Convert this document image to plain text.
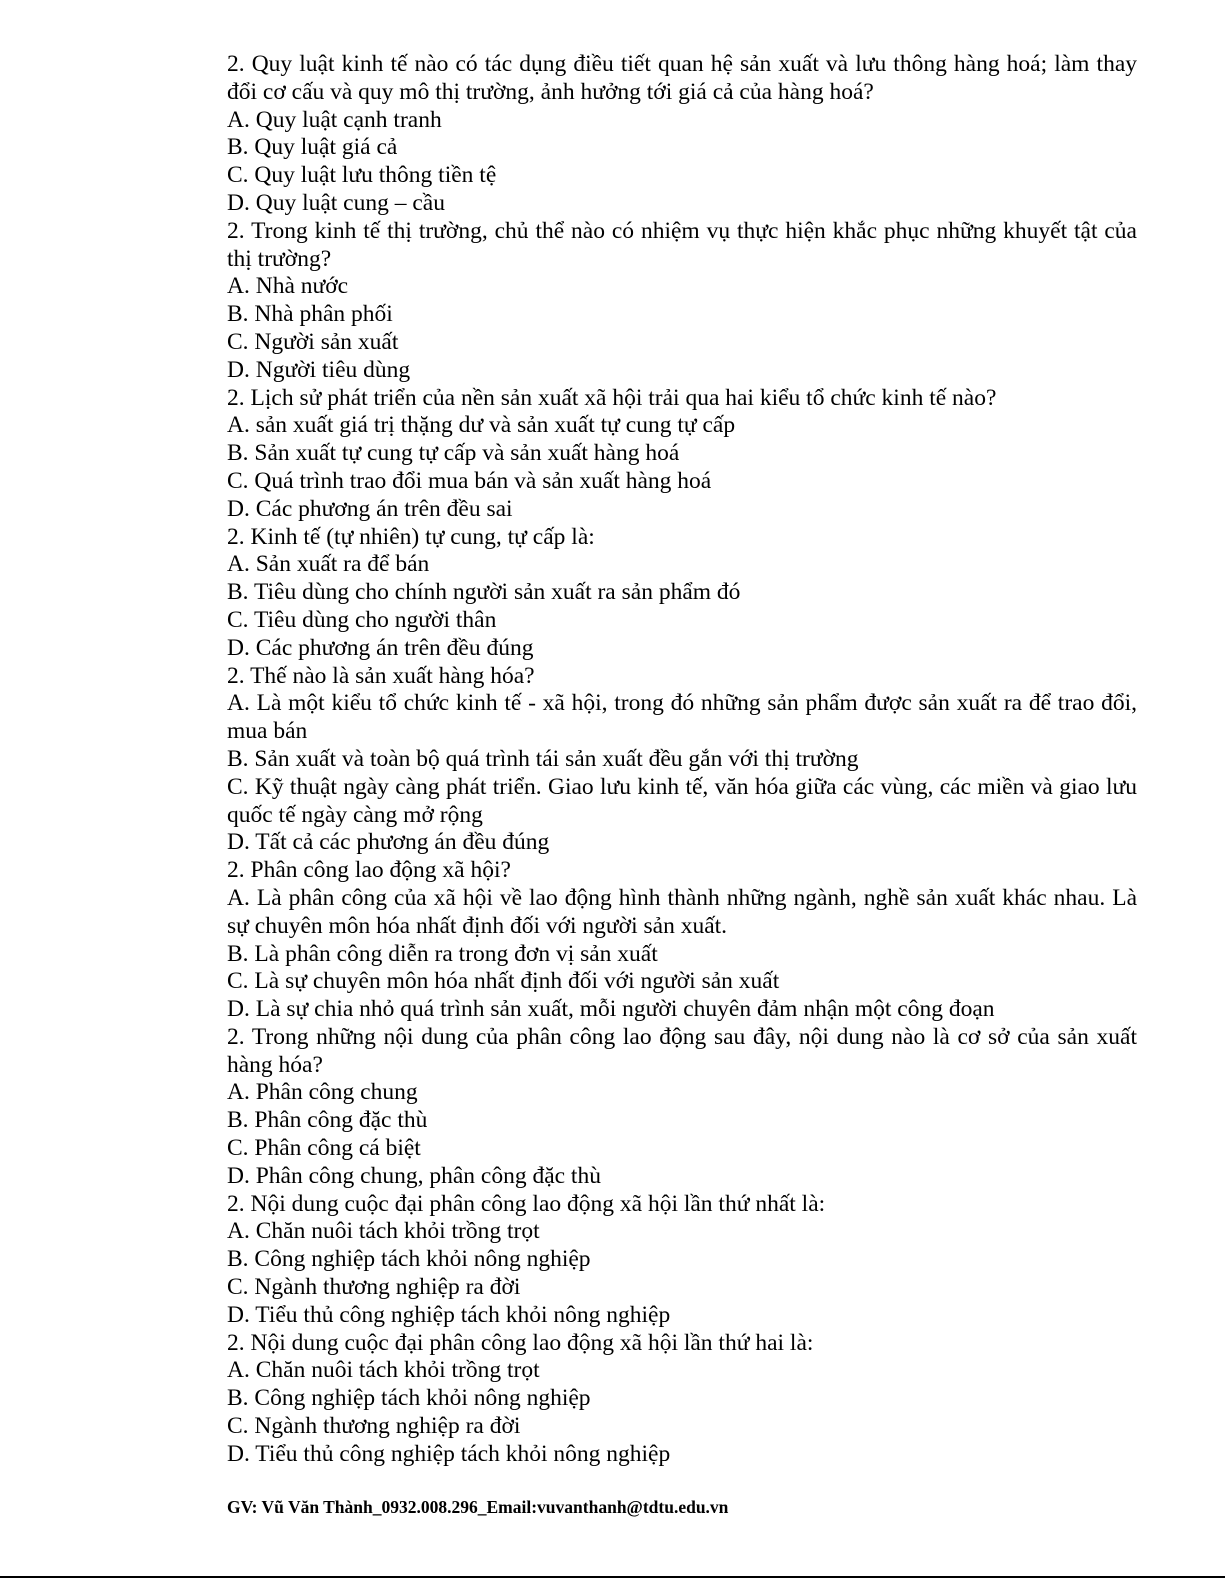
2. Quy luật kinh tế nào có tác dụng điều tiết quan hệ sản xuất và lưu thông hàng hoá; làm thay đổi cơ cấu và quy mô thị trường, ảnh hưởng tới giá cả của hàng hoá?
A. Quy luật cạnh tranh
B. Quy luật giá cả
C. Quy luật lưu thông tiền tệ
D. Quy luật cung – cầu
2. Trong kinh tế thị trường, chủ thể nào có nhiệm vụ thực hiện khắc phục những khuyết tật của thị trường?
A. Nhà nước
B. Nhà phân phối
C. Người sản xuất
D. Người tiêu dùng
2. Lịch sử phát triển của nền sản xuất xã hội trải qua hai kiểu tổ chức kinh tế nào?
A. sản xuất giá trị thặng dư và sản xuất tự cung tự cấp
B. Sản xuất tự cung tự cấp và sản xuất hàng hoá
C. Quá trình trao đổi mua bán và sản xuất hàng hoá
D. Các phương án trên đều sai
2. Kinh tế (tự nhiên) tự cung, tự cấp là:
A. Sản xuất ra để bán
B. Tiêu dùng cho chính người sản xuất ra sản phẩm đó
C. Tiêu dùng cho người thân
D. Các phương án trên đều đúng
2. Thế nào là sản xuất hàng hóa?
A. Là một kiểu tổ chức kinh tế - xã hội, trong đó những sản phẩm được sản xuất ra để trao đổi, mua bán
B. Sản xuất và toàn bộ quá trình tái sản xuất đều gắn với thị trường
C. Kỹ thuật ngày càng phát triển. Giao lưu kinh tế, văn hóa giữa các vùng, các miền và giao lưu quốc tế ngày càng mở rộng
D. Tất cả các phương án đều đúng
2. Phân công lao động xã hội?
A. Là phân công của xã hội về lao động hình thành những ngành, nghề sản xuất khác nhau. Là sự chuyên môn hóa nhất định đối với người sản xuất.
B. Là phân công diễn ra trong đơn vị sản xuất
C. Là sự chuyên môn hóa nhất định đối với người sản xuất
D. Là sự chia nhỏ quá trình sản xuất, mỗi người chuyên đảm nhận một công đoạn
2. Trong những nội dung của phân công lao động sau đây, nội dung nào là cơ sở của sản xuất hàng hóa?
A. Phân công chung
B. Phân công đặc thù
C. Phân công cá biệt
D. Phân công chung, phân công đặc thù
2. Nội dung cuộc đại phân công lao động xã hội lần thứ nhất là:
A. Chăn nuôi tách khỏi trồng trọt
B. Công nghiệp tách khỏi nông nghiệp
C. Ngành thương nghiệp ra đời
D. Tiểu thủ công nghiệp tách khỏi nông nghiệp
2. Nội dung cuộc đại phân công lao động xã hội lần thứ hai là:
A. Chăn nuôi tách khỏi trồng trọt
B. Công nghiệp tách khỏi nông nghiệp
C. Ngành thương nghiệp ra đời
D. Tiểu thủ công nghiệp tách khỏi nông nghiệp
GV: Vũ Văn Thành_0932.008.296_Email:vuvanthanh@tdtu.edu.vn
